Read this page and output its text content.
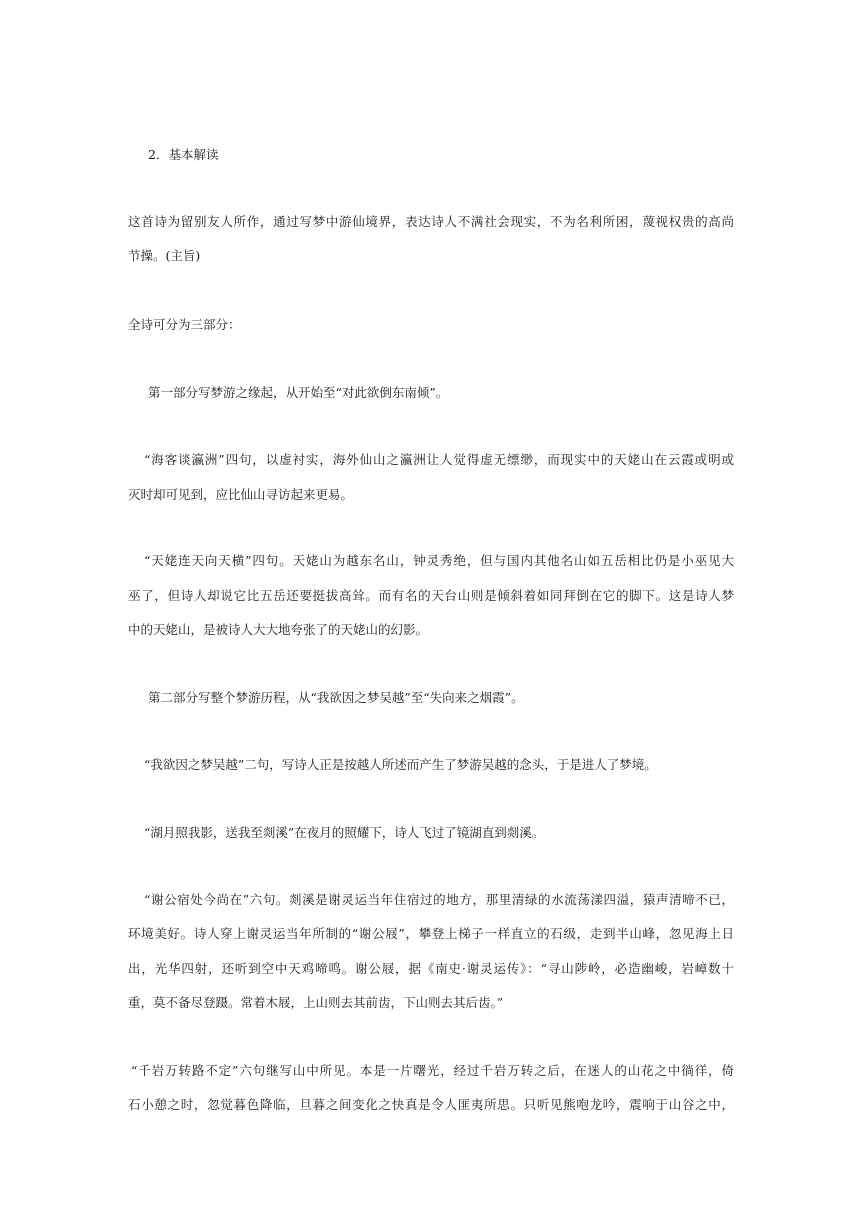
2．基本解读
这首诗为留别友人所作，通过写梦中游仙境界，表达诗人不满社会现实，不为名利所困，蔑视权贵的高尚
节操。(主旨)
全诗可分为三部分：
第一部分写梦游之缘起，从开始至“对此欲倒东南倾”。
“海客谈瀛洲”四句，以虚衬实，海外仙山之瀛洲让人觉得虚无缥缈，而现实中的天姥山在云霞或明或
灭时却可见到，应比仙山寻访起来更易。
“天姥连天向天横”四句。天姥山为越东名山，钟灵秀绝，但与国内其他名山如五岳相比仍是小巫见大
巫了，但诗人却说它比五岳还要挺拔高耸。而有名的天台山则是倾斜着如同拜倒在它的脚下。这是诗人梦
中的天姥山，是被诗人大大地夸张了的天姥山的幻影。
第二部分写整个梦游历程，从“我欲因之梦吴越”至“失向来之烟霞”。
“我欲因之梦吴越”二句，写诗人正是按越人所述而产生了梦游吴越的念头，于是进人了梦境。
“湖月照我影，送我至剡溪”在夜月的照耀下，诗人飞过了镜湖直到剡溪。
“谢公宿处今尚在”六句。剡溪是谢灵运当年住宿过的地方，那里清绿的水流荡漾四溢，猿声清啼不已，
环境美好。诗人穿上谢灵运当年所制的“谢公屐”，攀登上梯子一样直立的石级，走到半山峰，忽见海上日
出，光华四射，还听到空中天鸡啼鸣。谢公屐，据《南史·谢灵运传》：“寻山陟岭，必造幽峻，岩嶂数十
重，莫不备尽登蹑。常着木屐，上山则去其前齿，下山则去其后齿。”
“千岩万转路不定”六句继写山中所见。本是一片曙光，经过千岩万转之后，在迷人的山花之中徜徉，倚
石小憩之时，忽觉暮色降临，旦暮之间变化之快真是令人匪夷所思。只听见熊咆龙吟，震响于山谷之中，
